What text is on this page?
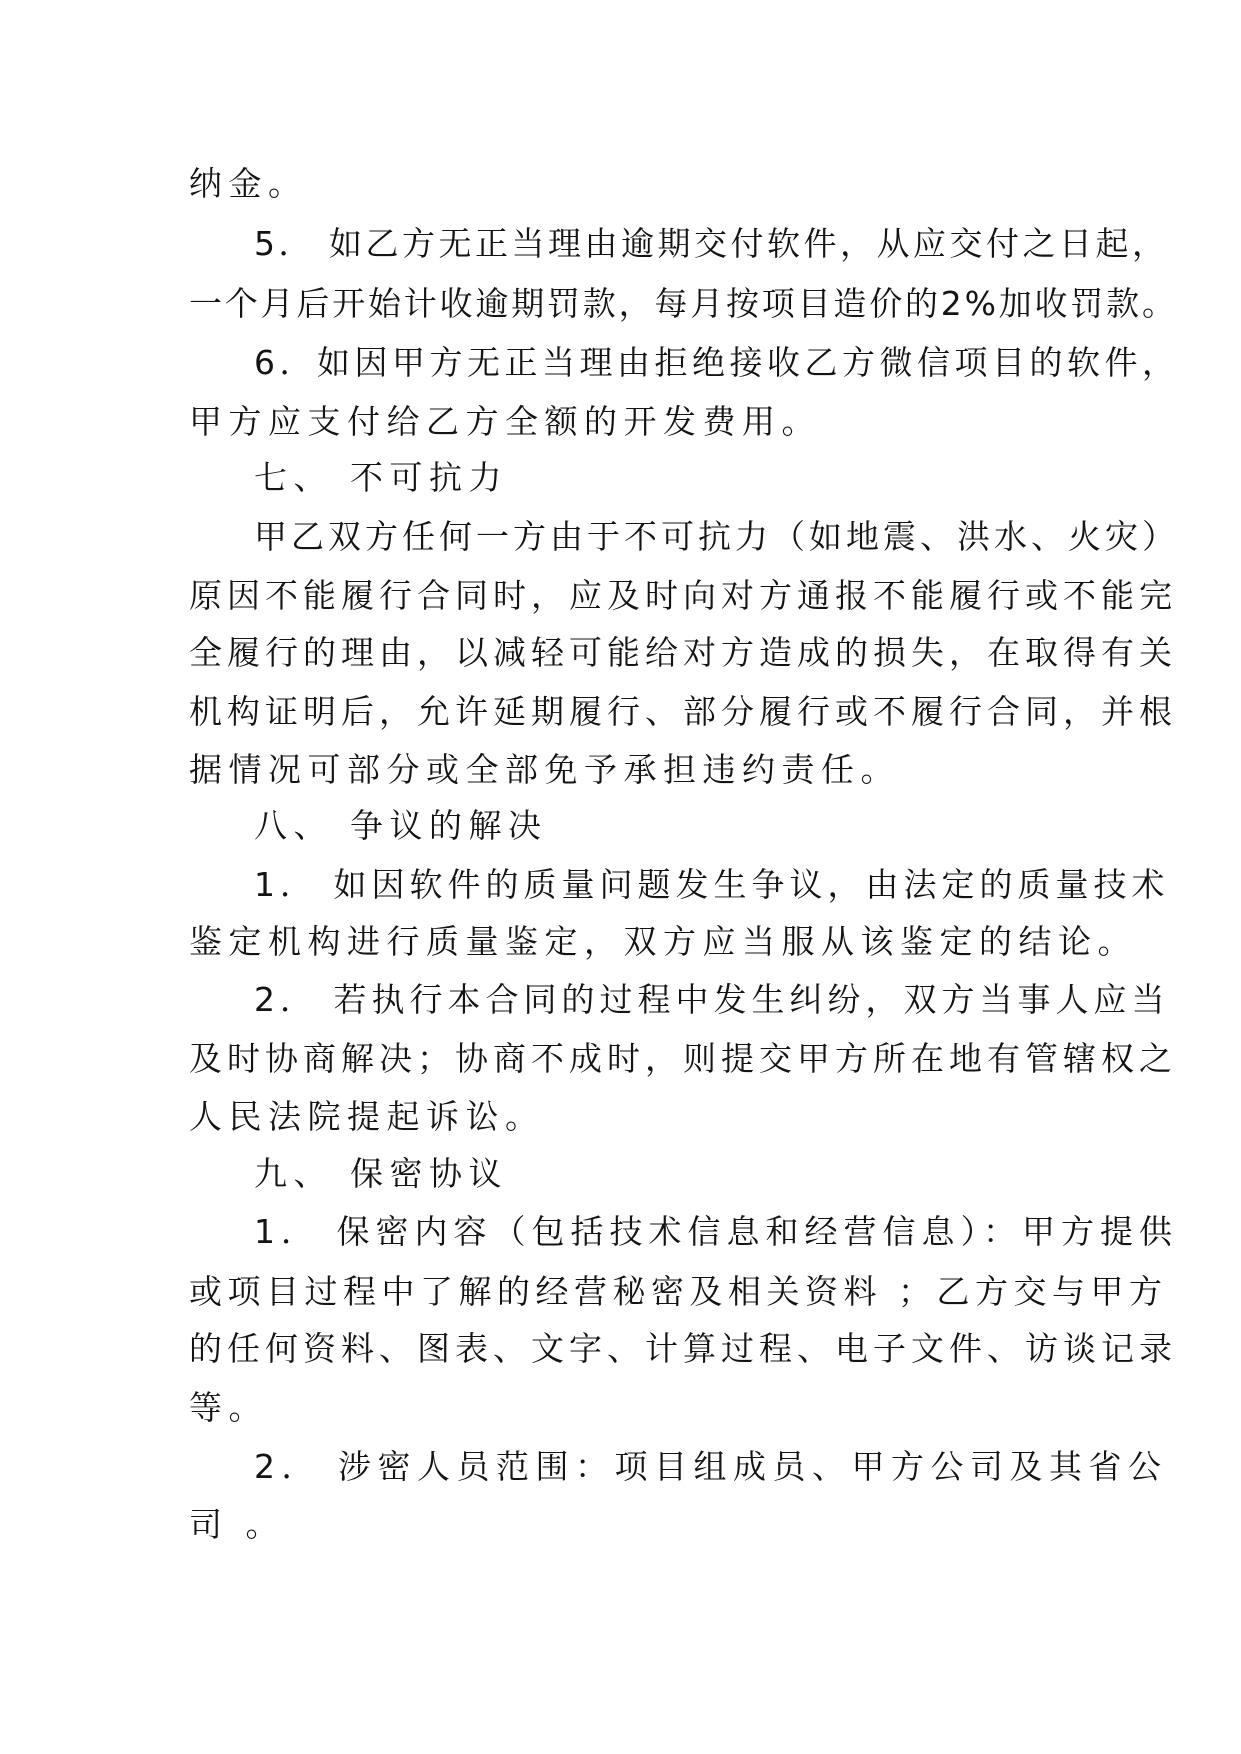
纳金。
5． 如乙方无正当理由逾期交付软件，从应交付之日起，
一个月后开始计收逾期罚款，每月按项目造价的2%加收罚款。
6．如因甲方无正当理由拒绝接收乙方微信项目的软件，
甲方应支付给乙方全额的开发费用。
七、 不可抗力
甲乙双方任何一方由于不可抗力（如地震、洪水、火灾）
原因不能履行合同时，应及时向对方通报不能履行或不能完
全履行的理由，以减轻可能给对方造成的损失，在取得有关
机构证明后，允许延期履行、部分履行或不履行合同，并根
据情况可部分或全部免予承担违约责任。
八、 争议的解决
1． 如因软件的质量问题发生争议，由法定的质量技术
鉴定机构进行质量鉴定，双方应当服从该鉴定的结论。
2． 若执行本合同的过程中发生纠纷，双方当事人应当
及时协商解决；协商不成时，则提交甲方所在地有管辖权之
人民法院提起诉讼。
九、 保密协议
1． 保密内容（包括技术信息和经营信息）：甲方提供
或项目过程中了解的经营秘密及相关资料 ；乙方交与甲方
的任何资料、图表、文字、计算过程、电子文件、访谈记录
等。
2． 涉密人员范围：项目组成员、甲方公司及其省公
司 。
